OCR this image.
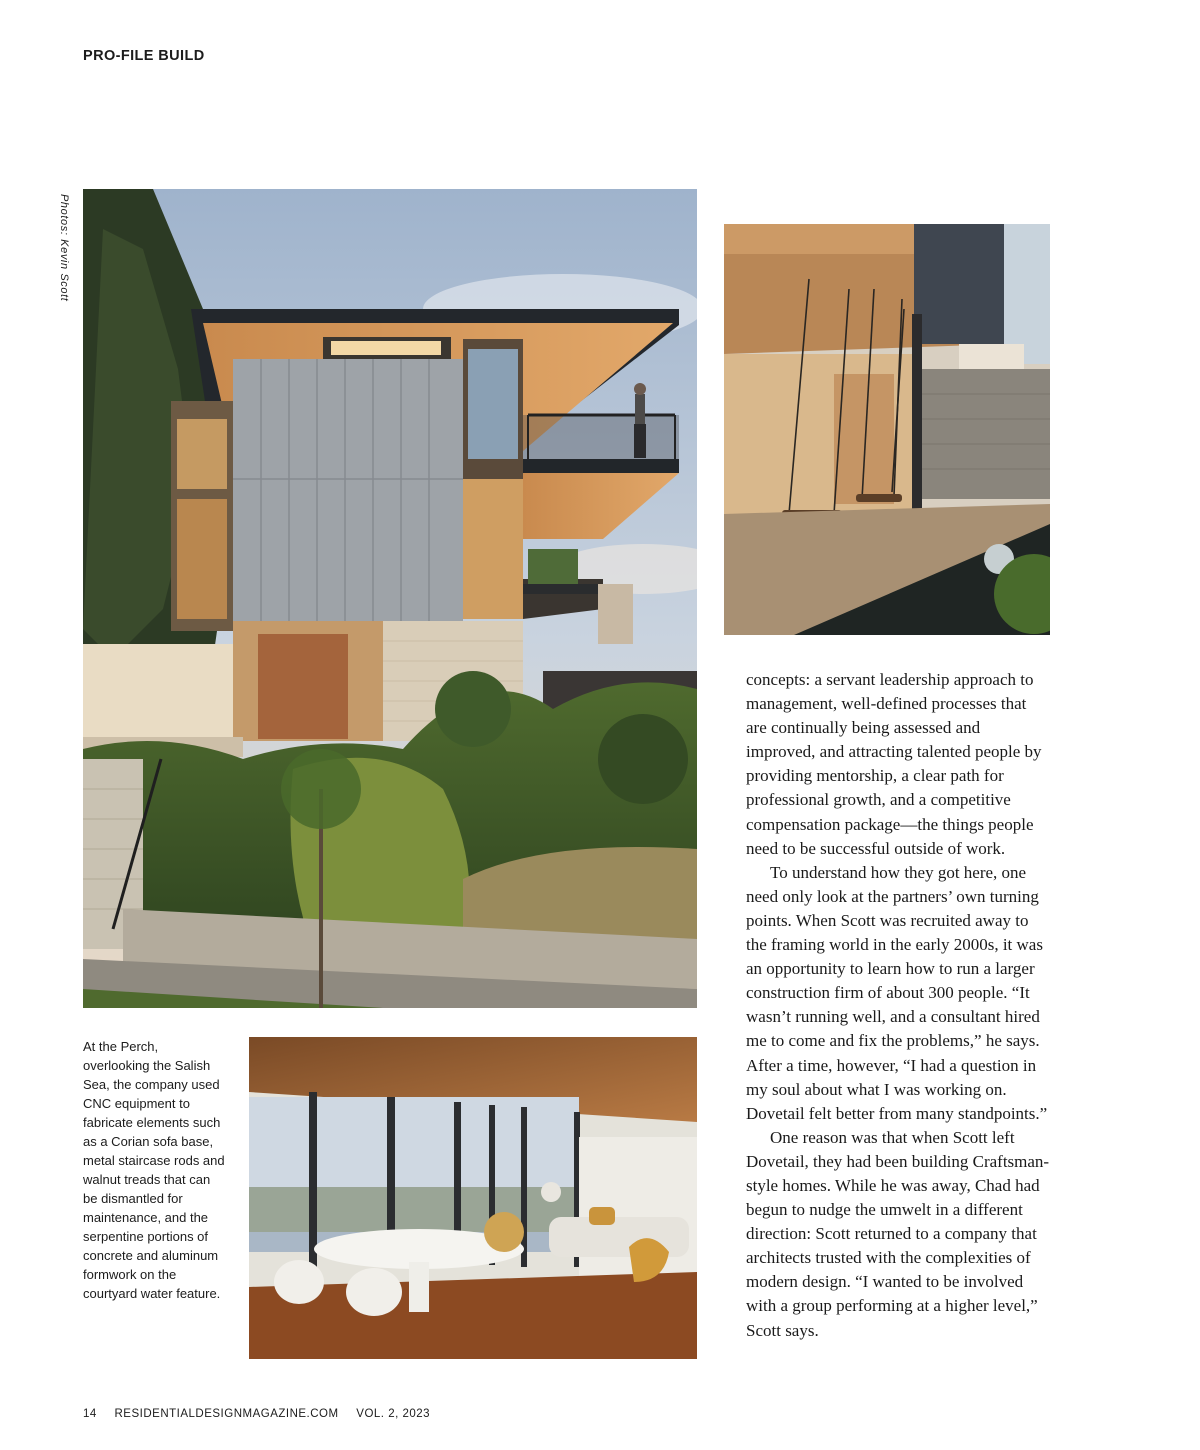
PRO-FILE BUILD
Photos: Kevin Scott
At the Perch, overlooking the Salish Sea, the company used CNC equipment to fabricate elements such as a Corian sofa base, metal staircase rods and walnut treads that can be dismantled for maintenance, and the serpentine portions of concrete and aluminum formwork on the courtyard water feature.

concepts: a servant leadership approach to management, well-defined processes that are continually being assessed and improved, and attracting talented people by providing mentorship, a clear path for professional growth, and a competitive compensation package—the things people need to be successful outside of work.

To understand how they got here, one need only look at the partners’ own turning points. When Scott was recruited away to the framing world in the early 2000s, it was an opportunity to learn how to run a larger construction firm of about 300 people. “It wasn’t running well, and a consultant hired me to come and fix the problems,” he says. After a time, however, “I had a question in my soul about what I was working on. Dovetail felt better from many standpoints.”

One reason was that when Scott left Dovetail, they had been building Craftsman-style homes. While he was away, Chad had begun to nudge the umwelt in a different direction: Scott returned to a company that architects trusted with the complexities of modern design. “I wanted to be involved with a group performing at a higher level,” Scott says.

14 RESIDENTIALDESIGNMAGAZINE.COM VOL. 2, 2023
